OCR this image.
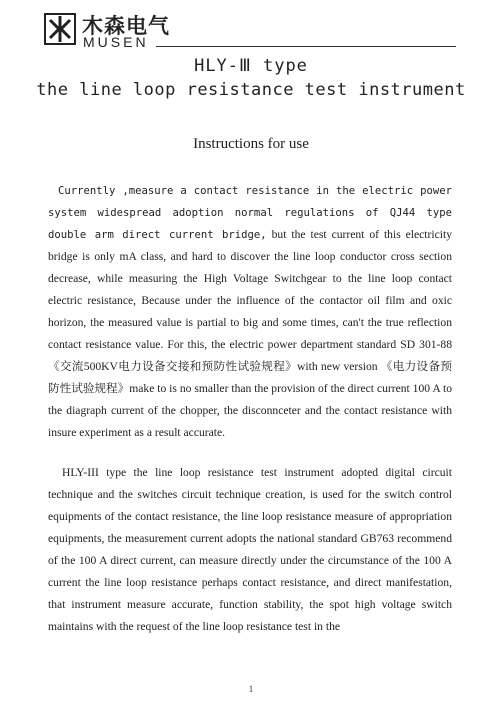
木森电气
MUSEN
HLY-Ⅲ type
the line loop resistance test instrument
Instructions for use
Currently ,measure a contact resistance in the electric power system widespread adoption normal regulations of QJ44 type double arm direct current bridge, but the test current of this electricity bridge is only mA class, and hard to discover the line loop conductor cross section decrease, while measuring the High Voltage Switchgear to the line loop contact electric resistance, Because under the influence of the contactor oil film and oxic horizon, the measured value is partial to big and some times, can't the true reflection contact resistance value. For this, the electric power department standard SD 301-88 《交流500KV电力设备交接和预防性试验规程》with new version 《电力设备预防性试验规程》make to is no smaller than the provision of the direct current 100 A to the diagraph current of the chopper, the disconnceter and the contact resistance with insure experiment as a result accurate.
HLY-III type the line loop resistance test instrument adopted digital circuit technique and the switches circuit technique creation, is used for the switch control equipments of the contact resistance, the line loop resistance measure of appropriation equipments, the measurement current adopts the national standard GB763 recommend of the 100 A direct current, can measure directly under the circumstance of the 100 A current the line loop resistance perhaps contact resistance, and direct manifestation, that instrument measure accurate, function stability, the spot high voltage switch maintains with the request of the line loop resistance test in the
1
